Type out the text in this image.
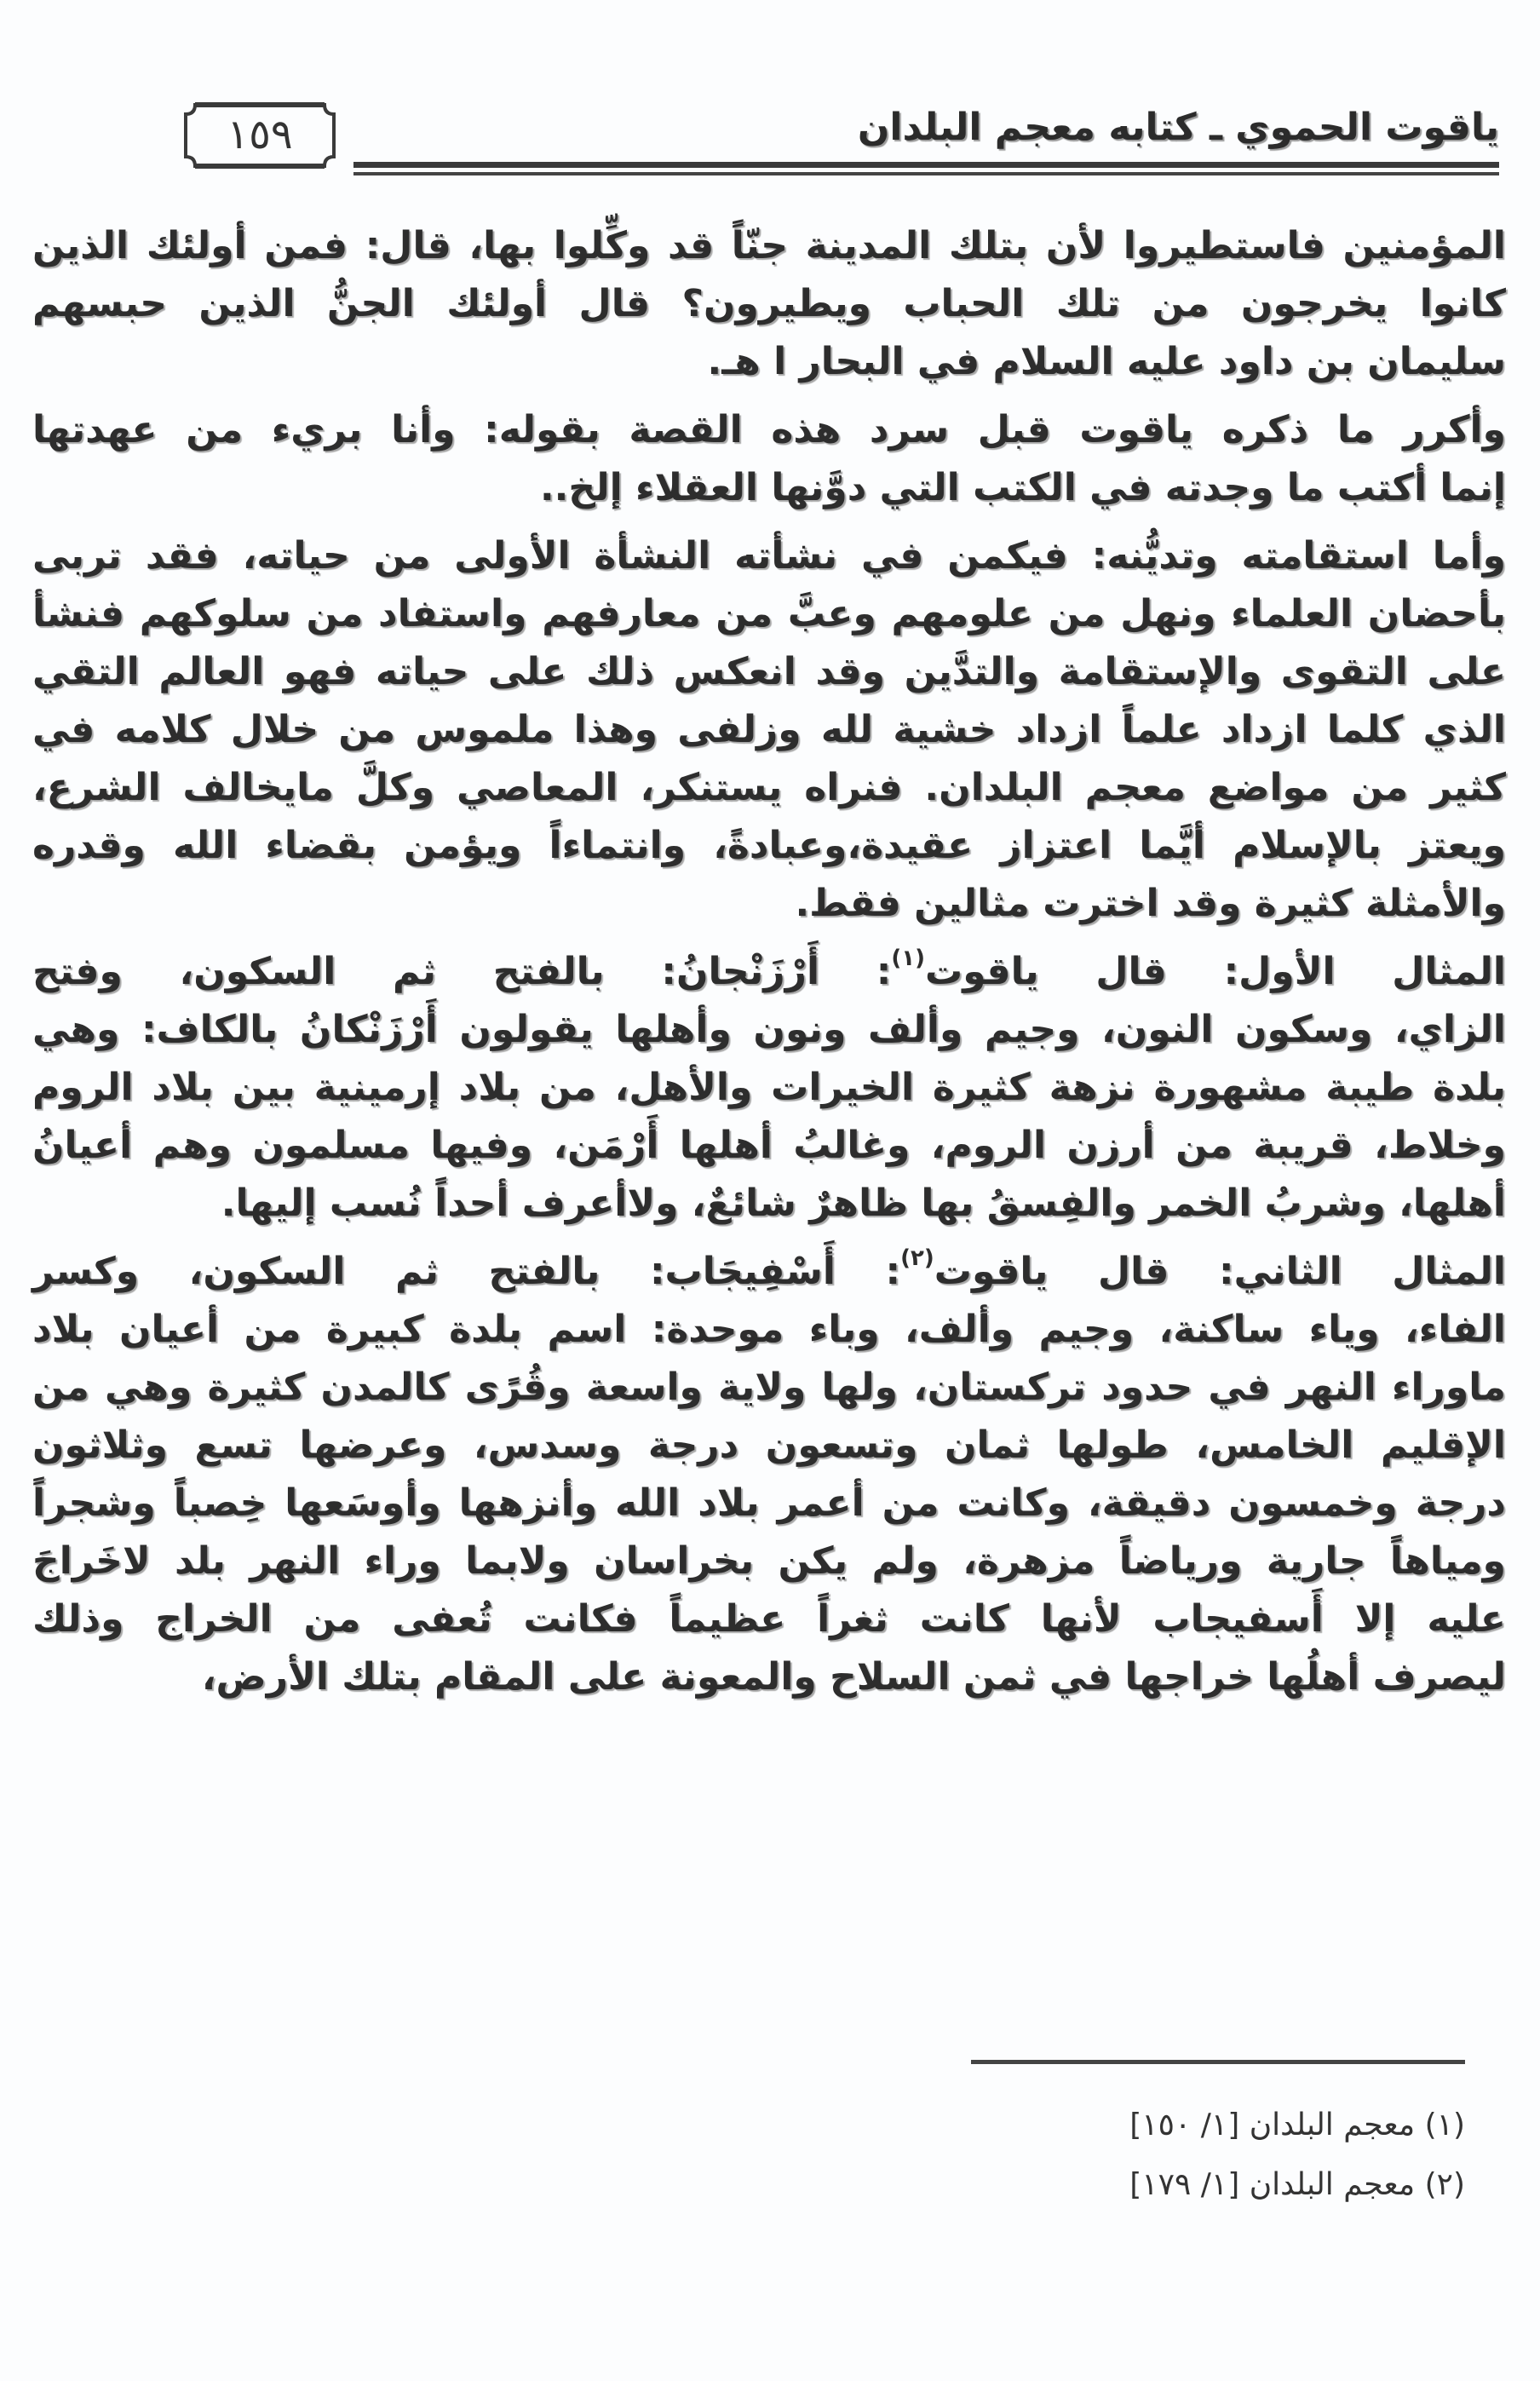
ياقوت الحموي ـ كتابه معجم البلدان
١٥٩
المؤمنين فاستطيروا لأن بتلك المدينة جنّاً قد وكِّلوا بها، قال: فمن أولئك الذين
كانوا يخرجون من تلك الحباب ويطيرون؟ قال أولئك الجنُّ الذين حبسهم
سليمان بن داود عليه السلام في البحار ا هـ.
وأكرر ما ذكره ياقوت قبل سرد هذه القصة بقوله: وأنا بريء من عهدتها
إنما أكتب ما وجدته في الكتب التي دوَّنها العقلاء إلخ..
وأما استقامته وتديُّنه: فيكمن في نشأته النشأة الأولى من حياته، فقد تربى
بأحضان العلماء ونهل من علومهم وعبَّ من معارفهم واستفاد من سلوكهم فنشأ
على التقوى والإستقامة والتدَّين وقد انعكس ذلك على حياته فهو العالم التقي
الذي كلما ازداد علماً ازداد خشية لله وزلفى وهذا ملموس من خلال كلامه في
كثير من مواضع معجم البلدان. فنراه يستنكر، المعاصي وكلَّ مايخالف الشرع،
ويعتز بالإسلام أيَّما اعتزاز عقيدة،وعبادةً، وانتماءاً ويؤمن بقضاء الله وقدره
والأمثلة كثيرة وقد اخترت مثالين فقط.
المثال الأول: قال ياقوت$^{(١)}$: أَرْزَنْجانُ: بالفتح ثم السكون، وفتح
الزاي، وسكون النون، وجيم وألف ونون وأهلها يقولون أَرْزَنْكانُ بالكاف: وهي
بلدة طيبة مشهورة نزهة كثيرة الخيرات والأهل، من بلاد إرمينية بين بلاد الروم
وخلاط، قريبة من أرزن الروم، وغالبُ أهلها أَرْمَن، وفيها مسلمون وهم أعيانُ
أهلها، وشربُ الخمر والفِسقُ بها ظاهرٌ شائعٌ، ولاأعرف أحداً نُسب إليها.
المثال الثاني: قال ياقوت$^{(٢)}$: أَسْفِيجَاب: بالفتح ثم السكون، وكسر
الفاء، وياء ساكنة، وجيم وألف، وباء موحدة: اسم بلدة كبيرة من أعيان بلاد
ماوراء النهر في حدود تركستان، ولها ولاية واسعة وقُرًى كالمدن كثيرة وهي من
الإقليم الخامس، طولها ثمان وتسعون درجة وسدس، وعرضها تسع وثلاثون
درجة وخمسون دقيقة، وكانت من أعمر بلاد الله وأنزهها وأوسَعها خِصباً وشجراً
ومياهاً جارية ورياضاً مزهرة، ولم يكن بخراسان ولابما وراء النهر بلد لاخَراجَ
عليه إلا أَسفيجاب لأنها كانت ثغراً عظيماً فكانت تُعفى من الخراج وذلك
ليصرف أهلُها خراجها في ثمن السلاح والمعونة على المقام بتلك الأرض،
(١) معجم البلدان [١/ ١٥٠]
(٢) معجم البلدان [١/ ١٧٩]
